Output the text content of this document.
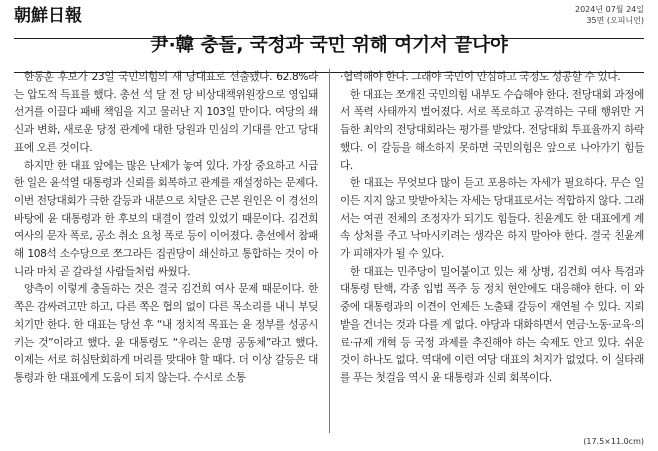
朝鮮日報	2024년 07월 24일
35면 (오피니언)
尹·韓 충돌, 국정과 국민 위해 여기서 끝나야

한동훈 후보가 23일 국민의힘의 새 당대표로 선출됐다. 62.8%라는 압도적 득표를 했다. 총선 석 달 전 당 비상대책위원장으로 영입돼 선거를 이끌다 패배 책임을 지고 물러난 지 103일 만이다. 여당의 쇄신과 변화, 새로운 당정 관계에 대한 당원과 민심의 기대를 안고 당대표에 오른 것이다.

하지만 한 대표 앞에는 많은 난제가 놓여 있다. 가장 중요하고 시급한 일은 윤석열 대통령과 신뢰를 회복하고 관계를 재설정하는 문제다. 이번 전당대회가 극한 갈등과 내분으로 치달은 근본 원인은 이 경선의 바탕에 윤 대통령과 한 후보의 대결이 깔려 있었기 때문이다. 김건희 여사의 문자 폭로, 공소 취소 요청 폭로 등이 이어졌다. 총선에서 참패해 108석 소수당으로 쪼그라든 집권당이 쇄신하고 통합하는 것이 아니라 마치 곧 갈라설 사람들처럼 싸웠다.

양측이 이렇게 충돌하는 것은 결국 김건희 여사 문제 때문이다. 한쪽은 감싸려고만 하고, 다른 쪽은 협의 없이 다른 목소리를 내니 부딪치기만 한다. 한 대표는 당선 후 “내 정치적 목표는 윤 정부를 성공시키는 것”이라고 했다. 윤 대통령도 “우리는 운명 공동체”라고 했다. 이제는 서로 허심탄회하게 머리를 맞대야 할 때다. 더 이상 갈등은 대통령과 한 대표에게 도움이 되지 않는다. 수시로 소통

·협력해야 한다. 그래야 국민이 안심하고 국정도 성공할 수 있다.

한 대표는 쪼개진 국민의힘 내부도 수습해야 한다. 전당대회 과정에서 폭력 사태까지 벌어졌다. 서로 폭로하고 공격하는 구태 행위만 거듭한 최악의 전당대회라는 평가를 받았다. 전당대회 투표율까지 하락했다. 이 갈등을 해소하지 못하면 국민의힘은 앞으로 나아가기 힘들다.

한 대표는 무엇보다 많이 듣고 포용하는 자세가 필요하다. 무슨 일이든 지지 않고 맞받아치는 자세는 당대표로서는 적합하지 않다. 그래서는 여권 전체의 조정자가 되기도 힘들다. 친윤계도 한 대표에게 계속 상처를 주고 낙마시키려는 생각은 하지 말아야 한다. 결국 친윤계가 피해자가 될 수 있다.

한 대표는 민주당이 밀어붙이고 있는 채 상병, 김건희 여사 특검과 대통령 탄핵, 각종 입법 폭주 등 정치 현안에도 대응해야 한다. 이 와중에 대통령과의 이견이 언제든 노출돼 갈등이 재연될 수 있다. 지뢰밭을 건너는 것과 다를 게 없다. 야당과 대화하면서 연금·노동·교육·의료·규제 개혁 등 국정 과제를 추진해야 하는 숙제도 안고 있다. 쉬운 것이 하나도 없다. 역대에 이런 여당 대표의 처지가 없었다. 이 실타래를 푸는 첫걸음 역시 윤 대통령과 신뢰 회복이다.

(17.5×11.0cm)
